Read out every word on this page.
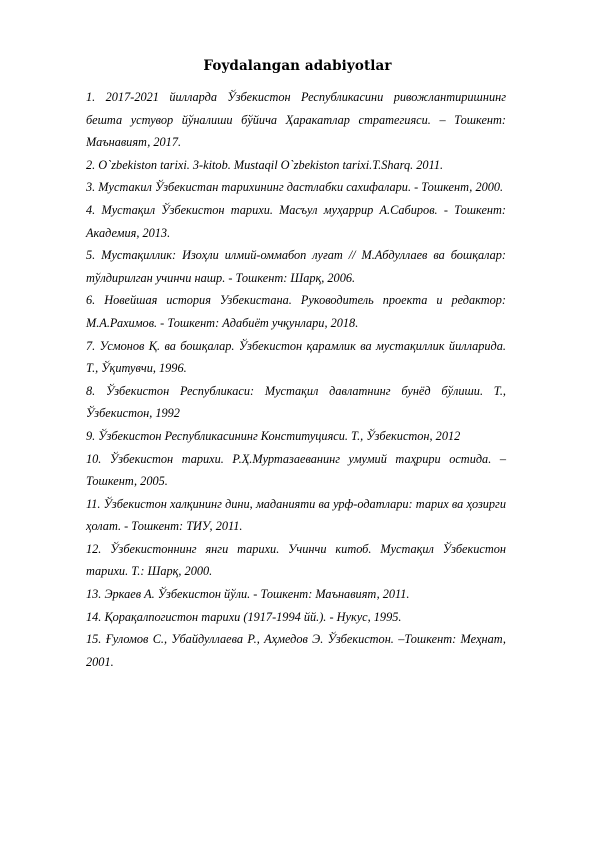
Foydalangan adabiyotlar
1. 2017-2021 йилларда Ўзбекистон Республикасини ривожлантиришнинг бешта устувор йўналиши бўйича Ҳаракатлар стратегияси. – Тошкент: Маънавият, 2017.
2. O`zbekiston tarixi. 3-kitob. Mustaqil O`zbekiston tarixi.T.Sharq. 2011.
3. Мустакил Ўзбекистан тарихининг дастлабки сахифалари. - Тошкент, 2000.
4. Мустақил Ўзбекистон тарихи. Масъул муҳаррир А.Сабиров. - Тошкент: Академия, 2013.
5. Мустақиллик: Изоҳли илмий-оммабоп луғат // М.Абдуллаев ва бошқалар: тўлдирилган учинчи нашр. - Тошкент: Шарқ, 2006.
6. Новейшая история Узбекистана. Руководитель проекта и редактор: М.А.Рахимов. - Тошкент: Адабиёт учқунлари, 2018.
7. Усмонов Қ. ва бошқалар. Ўзбекистон қарамлик ва мустақиллик йилларида. Т., Ўқитувчи, 1996.
8. Ўзбекистон Республикаси: Мустақил давлатнинг бунёд бўлиши. Т., Ўзбекистон, 1992
9. Ўзбекистон Республикасининг Конституцияси. Т., Ўзбекистон, 2012
10. Ўзбекистон тарихи. Р.Ҳ.Муртазаеванинг умумий таҳрири остида. – Тошкент, 2005.
11. Ўзбекистон халқининг дини, маданияти ва урф-одатлари: тарих ва ҳозирги ҳолат. - Тошкент: ТИУ, 2011.
12. Ўзбекистоннинг янги тарихи. Учинчи китоб. Мустақил Ўзбекистон тарихи. Т.: Шарқ, 2000.
13. Эркаев А. Ўзбекистон йўли. - Тошкент: Маънавият, 2011.
14. Қорақалпогистон тарихи (1917-1994 йй.). - Нукус, 1995.
15. Ғуломов С., Убайдуллаева Р., Аҳмедов Э. Ўзбекистон. –Тошкент: Меҳнат, 2001.
